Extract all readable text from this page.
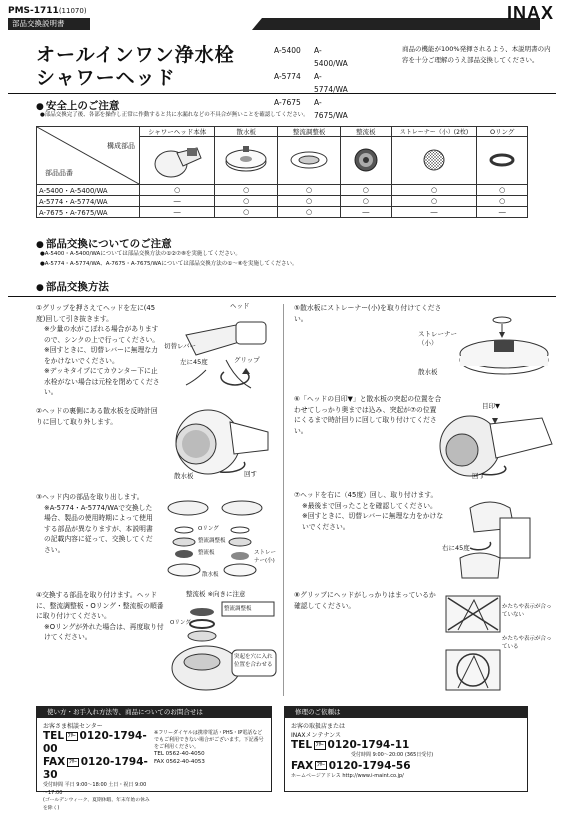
PMS-1711(11070)
部品交換説明書
INAX
オールインワン浄水栓
シャワーヘッド
A-5400	A-5400/WA
A-5774	A-5774/WA
A-7675	A-7675/WA
商品の機能が100%発揮されるよう、本説明書の内容を十分ご理解のうえ部品交換してください。
● 安全上のご注意
●部品交換完了後、各部を操作し正常に作動すると共に水漏れなどの不具合が無いことを確認してください。
構成部品
部品品番	シャワーヘッド本体	散水板	整流調整板	整流板	ストレーナー（小）(2枚)	Oリング

A-5400・A-5400/WA	○	○	○	○	○	○
A-5774・A-5774/WA	―	○	○	○	○	○
A-7675・A-7675/WA	―	○	○	―	―	―
● 部品交換についてのご注意
●A-5400・A-5400/WAについては部品交換方法の①②⑦⑧を実施してください。
●A-5774・A-5774/WA、A-7675・A-7675/WAについては部品交換方法の①～⑧を実施してください。
● 部品交換方法
①グリップを押さえてヘッドを左に(45度)回して引き抜きます。
※少量の水がこぼれる場合がありますので、シンクの上で行ってください。
※回すときに、切替レバーに無理な力をかけないでください。
※デッキタイプにてカウンター下に止水栓がない場合は元栓を閉めてください。
ヘッド
切替レバー
左に45度	グリップ
②ヘッドの裏側にある散水板を反時計回りに回して取り外します。
散水板	回す
③ヘッド内の部品を取り出します。
※A-5774・A-5774/WAで交換した場合、製品の使用時期によって使用する部品が異なりますが、本説明書の記載内容に従って、交換してください。
Oリング
整流調整板
整流板
散水板
ストレーナー(小)
④交換する部品を取り付けます。ヘッドに、整流調整板・Oリング・整流板の順番に取り付けてください。
※Oリングが外れた場合は、再度取り付けてください。
整流板 ※向きに注意
整流調整板
Oリング
突起を穴に入れ位置を合わせる
⑤散水板にストレーナー(小)を取り付けてください。
ストレーナー（小）
散水板
⑥「ヘッドの目印▼」と散水板の突起の位置を合わせてしっかり奥までは込み、突起が⑦の位置にくるまで時計回りに回して取り付けてください。
目印▼
回す
⑦ヘッドを右に（45度）回し、取り付けます。
※最後まで回ったことを確認してください。
※回すときに、切替レバーに無理な力をかけないでください。
右に45度
⑧グリップにヘッドがしっかりはまっているか確認してください。	かたちや表示が合っていない
かたちや表示が合っている
使い方・お手入れ方法等、商品についてのお問合せは
お客さま相談センター
TEL ﾌﾘｰ 0120-1794-00
FAX ﾌﾘｰ 0120-1794-30
受付時間 平日 9:00～18:00 土日・祝日 9:00～17:00
(ゴールデンウィーク、夏期休暇、年末年始の休みを除く)
※フリーダイヤルは携帯電話・PHS・IP電話などでもご利用できない場合がございます。下記番号をご利用ください。
TEL 0562-40-4050
FAX 0562-40-4053
修理のご依頼は
お客の取扱店または
INAXメンテナンス
TEL ﾌﾘｰ 0120-1794-11
受付時間 9:00～20:00 (365日受付)
FAX ﾌﾘｰ 0120-1794-56
ホームページアドレス http://www.i-maint.co.jp/
